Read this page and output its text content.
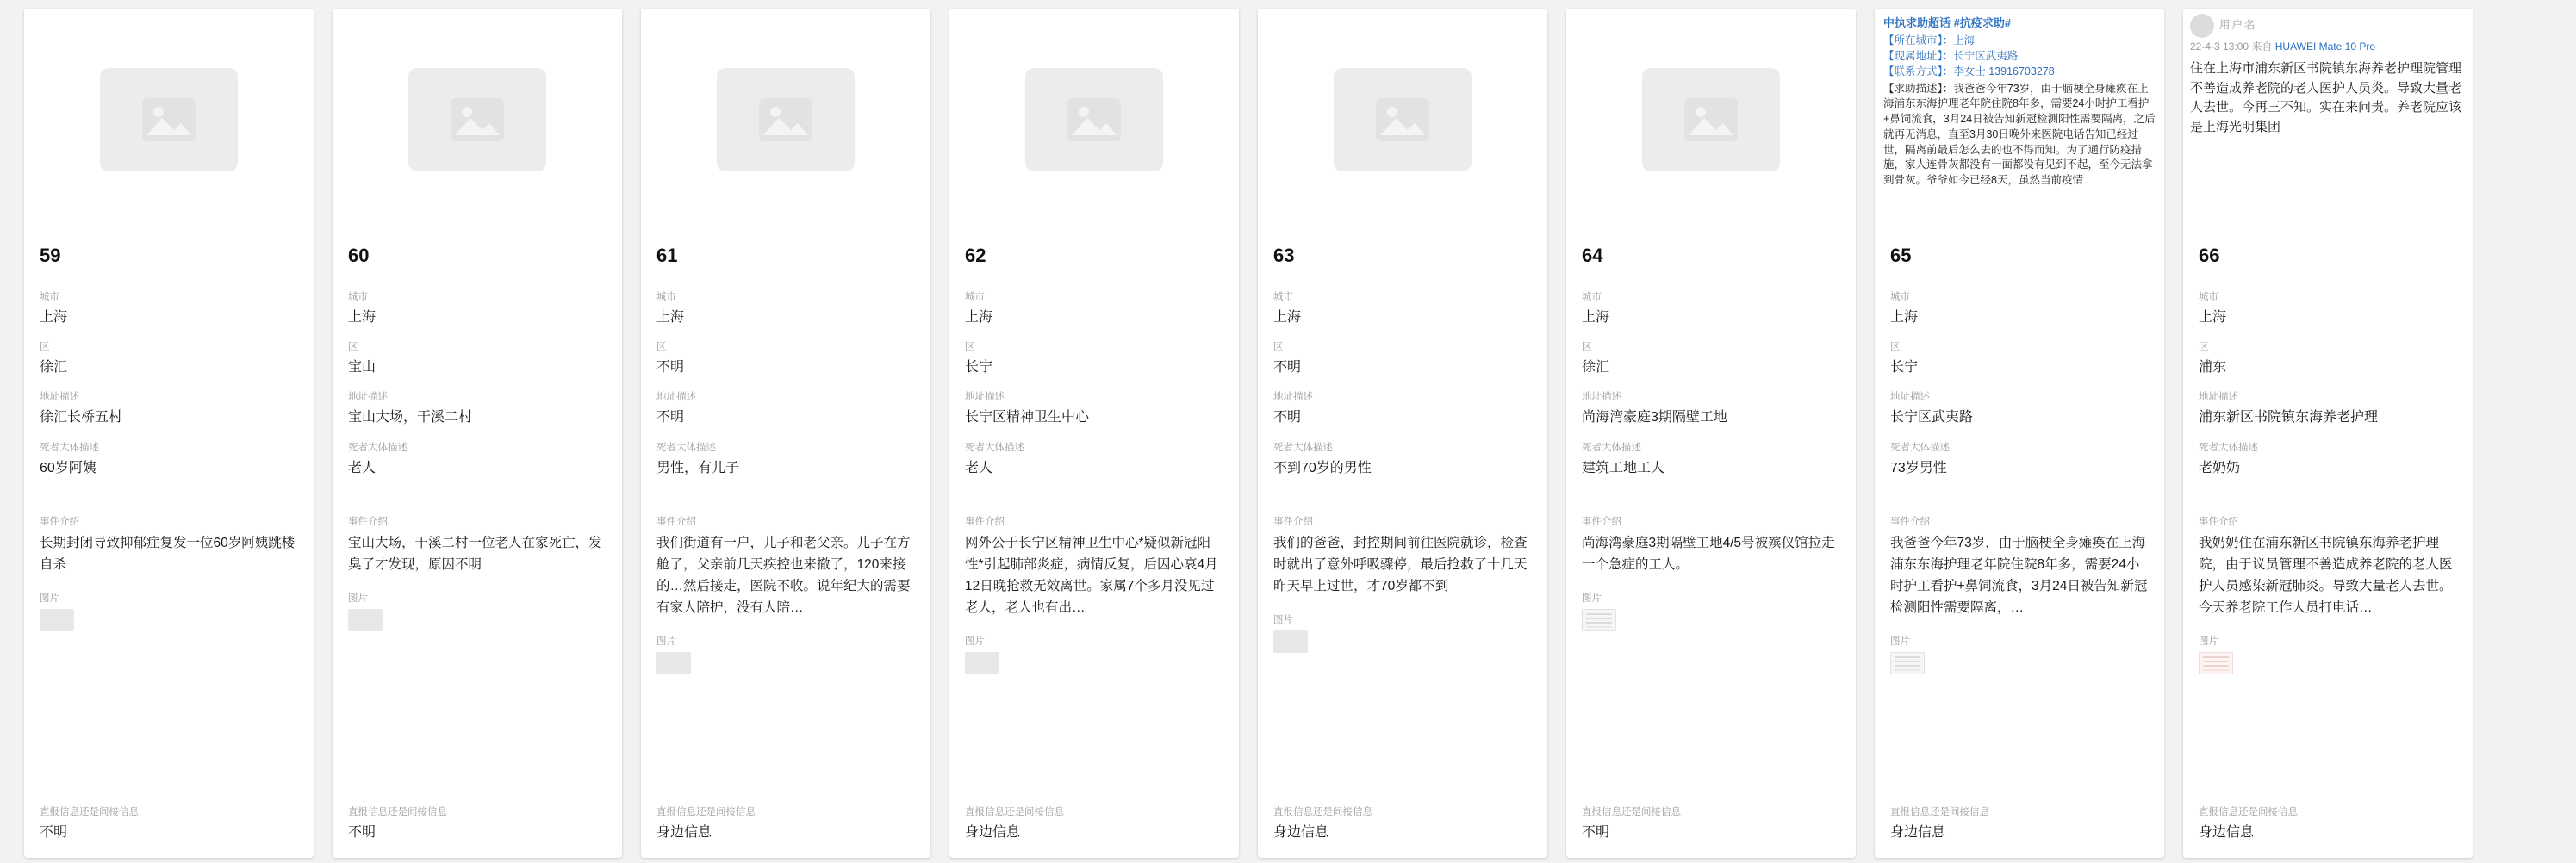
59
城市
上海
区
徐汇
地址描述
徐汇长桥五村
死者大体描述
60岁阿姨
事件介绍
长期封闭导致抑郁症复发一位60岁阿姨跳楼自杀
图片
直报信息还是间接信息
不明
60
城市
上海
区
宝山
地址描述
宝山大场，干溪二村
死者大体描述
老人
事件介绍
宝山大场，干溪二村一位老人在家死亡，发臭了才发现，原因不明
图片
直报信息还是间接信息
不明
61
城市
上海
区
不明
地址描述
不明
死者大体描述
男性，有儿子
事件介绍
我们街道有一户，儿子和老父亲。儿子在方舱了，父亲前几天疾控也来撤了，120来接的…然后接走，医院不收。说年纪大的需要有家人陪护，没有人陪…
图片
直报信息还是间接信息
身边信息
62
城市
上海
区
长宁
地址描述
长宁区精神卫生中心
死者大体描述
老人
事件介绍
网外公于长宁区精神卫生中心*疑似新冠阳性*引起肺部炎症，病情反复，后因心衰4月12日晚抢救无效离世。家属7个多月没见过老人，老人也有出…
图片
直报信息还是间接信息
身边信息
63
城市
上海
区
不明
地址描述
不明
死者大体描述
不到70岁的男性
事件介绍
我们的爸爸，封控期间前往医院就诊，检查时就出了意外呼吸骤停，最后抢救了十几天昨天早上过世，才70岁都不到
图片
直报信息还是间接信息
身边信息
64
城市
上海
区
徐汇
地址描述
尚海湾豪庭3期隔壁工地
死者大体描述
建筑工地工人
事件介绍
尚海湾豪庭3期隔壁工地4/5号被殡仪馆拉走一个急症的工人。
图片
直报信息还是间接信息
不明
中执求助超话 #抗疫求助#
【所在城市】：上海
【现属地址】：长宁区武夷路
【联系方式】：李女士 13916703278
【求助描述】：我爸爸今年73岁，由于脑梗全身瘫痪在上海浦东东海护理老年院住院8年多，需要24小时护工看护+鼻饲流食，3月24日被告知新冠检测阳性需要隔离，之后就再无消息，直至3月30日晚外来医院电话告知已经过世，隔离前最后怎么去的也不得而知。为了通行防疫措施，家人连骨灰都没有一面都没有见到不起，至今无法拿到骨灰。爷爷如今已经8天，虽然当前疫情
65
城市
上海
区
长宁
地址描述
长宁区武夷路
死者大体描述
73岁男性
事件介绍
我爸爸今年73岁，由于脑梗全身瘫痪在上海浦东东海护理老年院住院8年多，需要24小时护工看护+鼻饲流食，3月24日被告知新冠检测阳性需要隔离，…
图片
直报信息还是间接信息
身边信息
用户名
22-4-3 13:00 来自 HUAWEI Mate 10 Pro
住在上海市浦东新区书院镇东海养老护理院管理不善造成养老院的老人医护人员炎。导致大量老人去世。今再三不知。实在来问责。养老院应该是上海光明集团
66
城市
上海
区
浦东
地址描述
浦东新区书院镇东海养老护理
死者大体描述
老奶奶
事件介绍
我奶奶住在浦东新区书院镇东海养老护理院，由于议员管理不善造成养老院的老人医护人员感染新冠肺炎。导致大量老人去世。今天养老院工作人员打电话…
图片
直报信息还是间接信息
身边信息
